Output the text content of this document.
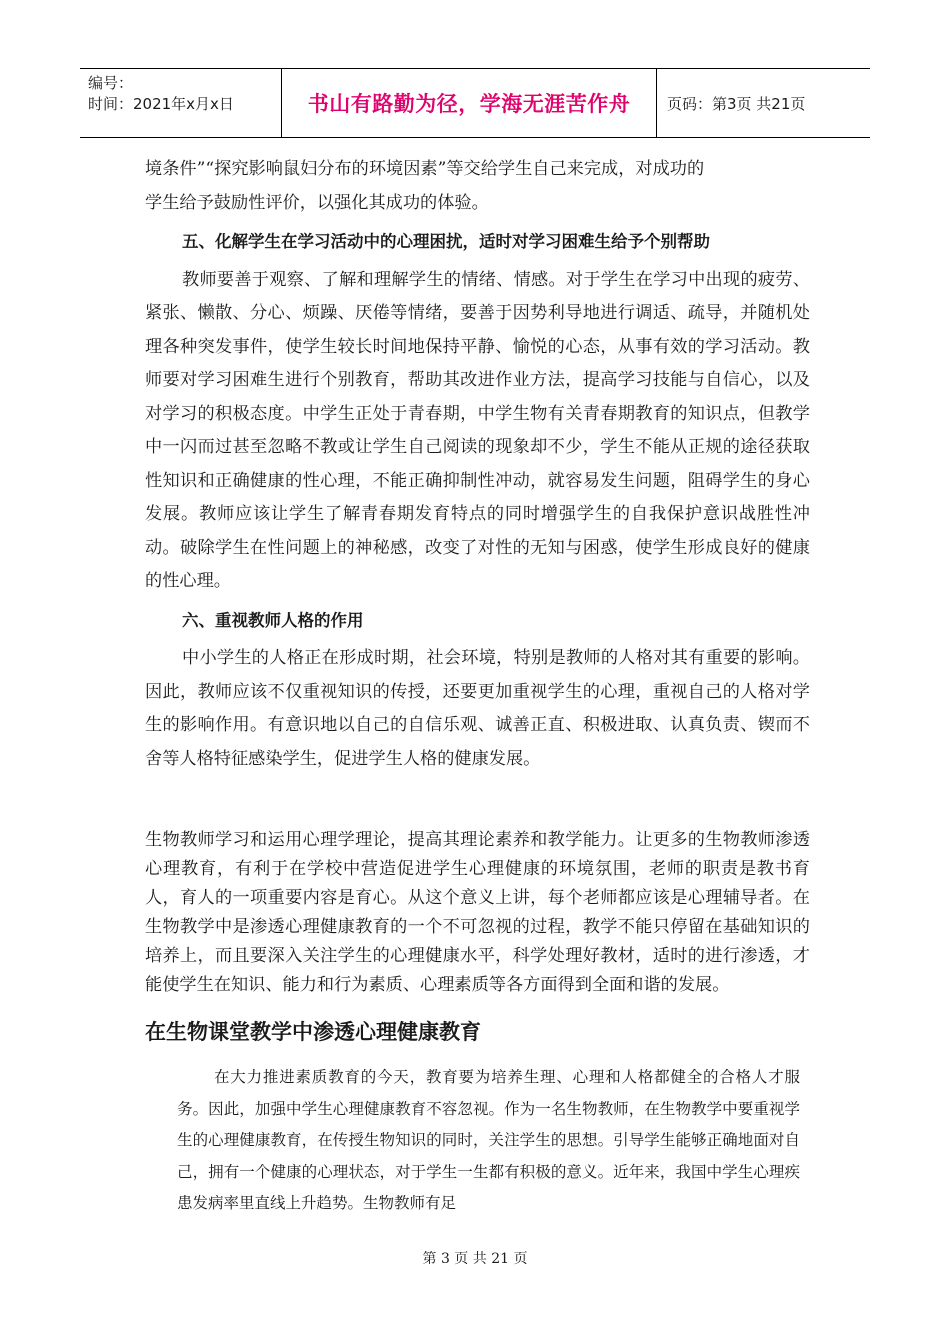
编号：
时间：2021年x月x日	书山有路勤为径，学海无涯苦作舟	页码：第3页 共21页

境条件”“探究影响鼠妇分布的环境因素”等交给学生自己来完成，对成功的

学生给予鼓励性评价，以强化其成功的体验。

五、化解学生在学习活动中的心理困扰，适时对学习困难生给予个别帮助

教师要善于观察、了解和理解学生的情绪、情感。对于学生在学习中出现的疲劳、紧张、懒散、分心、烦躁、厌倦等情绪，要善于因势利导地进行调适、疏导，并随机处理各种突发事件，使学生较长时间地保持平静、愉悦的心态，从事有效的学习活动。教师要对学习困难生进行个别教育，帮助其改进作业方法，提高学习技能与自信心，以及对学习的积极态度。中学生正处于青春期，中学生物有关青春期教育的知识点，但教学中一闪而过甚至忽略不教或让学生自己阅读的现象却不少，学生不能从正规的途径获取性知识和正确健康的性心理，不能正确抑制性冲动，就容易发生问题，阻碍学生的身心发展。教师应该让学生了解青春期发育特点的同时增强学生的自我保护意识战胜性冲动。破除学生在性问题上的神秘感，改变了对性的无知与困惑，使学生形成良好的健康的性心理。

六、重视教师人格的作用

中小学生的人格正在形成时期，社会环境，特别是教师的人格对其有重要的影响。因此，教师应该不仅重视知识的传授，还要更加重视学生的心理，重视自己的人格对学生的影响作用。有意识地以自己的自信乐观、诚善正直、积极进取、认真负责、锲而不舍等人格特征感染学生，促进学生人格的健康发展。

生物教师学习和运用心理学理论，提高其理论素养和教学能力。让更多的生物教师渗透心理教育，有利于在学校中营造促进学生心理健康的环境氛围，老师的职责是教书育人，育人的一项重要内容是育心。从这个意义上讲，每个老师都应该是心理辅导者。在生物教学中是渗透心理健康教育的一个不可忽视的过程，教学不能只停留在基础知识的培养上，而且要深入关注学生的心理健康水平，科学处理好教材，适时的进行渗透，才能使学生在知识、能力和行为素质、心理素质等各方面得到全面和谐的发展。

在生物课堂教学中渗透心理健康教育

在大力推进素质教育的今天，教育要为培养生理、心理和人格都健全的合格人才服务。因此，加强中学生心理健康教育不容忽视。作为一名生物教师，在生物教学中要重视学生的心理健康教育，在传授生物知识的同时，关注学生的思想。引导学生能够正确地面对自己，拥有一个健康的心理状态，对于学生一生都有积极的意义。近年来，我国中学生心理疾患发病率里直线上升趋势。生物教师有足

第 3 页 共 21 页
